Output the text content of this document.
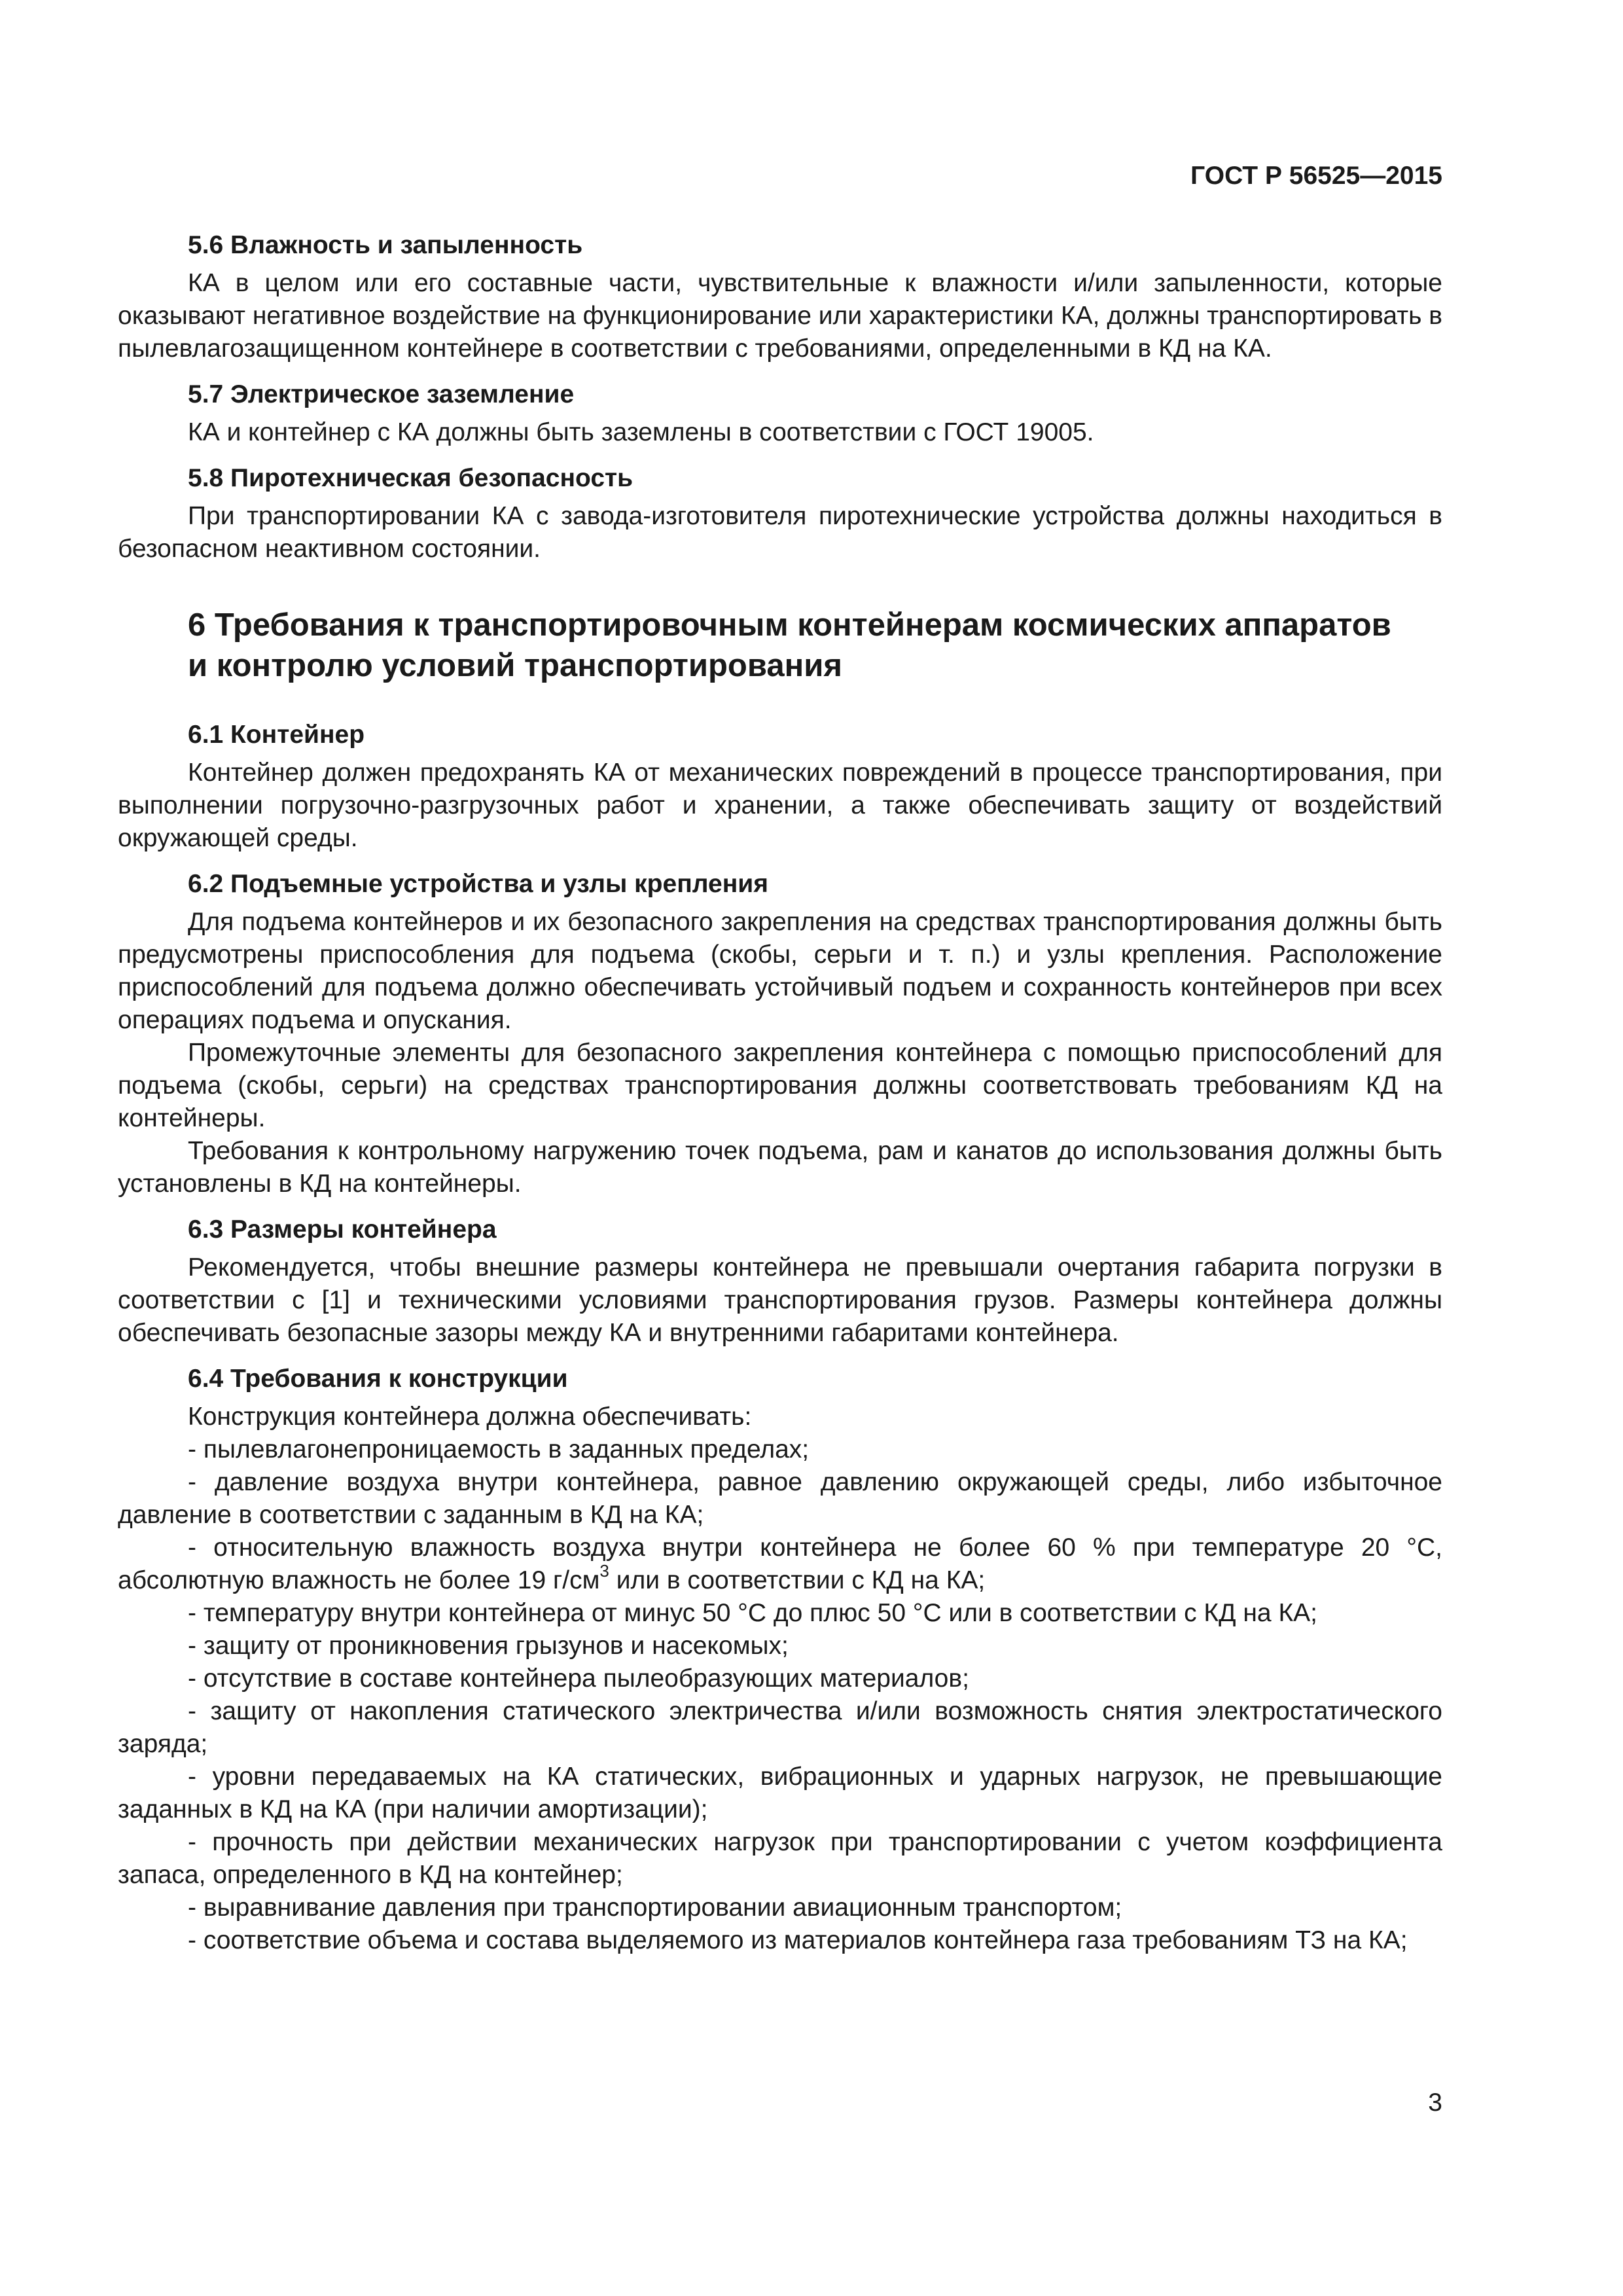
ГОСТ Р 56525—2015

5.6 Влажность и запыленность

КА в целом или его составные части, чувствительные к влажности и/или запыленности, которые оказывают негативное воздействие на функционирование или характеристики КА, должны транспортировать в пылевлагозащищенном контейнере в соответствии с требованиями, определенными в КД на КА.

5.7 Электрическое заземление

КА и контейнер с КА должны быть заземлены в соответствии с ГОСТ 19005.

5.8 Пиротехническая безопасность

При транспортировании КА с завода-изготовителя пиротехнические устройства должны находиться в безопасном неактивном состоянии.

6 Требования к транспортировочным контейнерам космических аппаратов
и контролю условий транспортирования
6.1 Контейнер

Контейнер должен предохранять КА от механических повреждений в процессе транспортирования, при выполнении погрузочно-разгрузочных работ и хранении, а также обеспечивать защиту от воздействий окружающей среды.

6.2 Подъемные устройства и узлы крепления

Для подъема контейнеров и их безопасного закрепления на средствах транспортирования должны быть предусмотрены приспособления для подъема (скобы, серьги и т. п.) и узлы крепления. Расположение приспособлений для подъема должно обеспечивать устойчивый подъем и сохранность контейнеров при всех операциях подъема и опускания.

Промежуточные элементы для безопасного закрепления контейнера с помощью приспособлений для подъема (скобы, серьги) на средствах транспортирования должны соответствовать требованиям КД на контейнеры.

Требования к контрольному нагружению точек подъема, рам и канатов до использования должны быть установлены в КД на контейнеры.

6.3 Размеры контейнера

Рекомендуется, чтобы внешние размеры контейнера не превышали очертания габарита погрузки в соответствии с [1] и техническими условиями транспортирования грузов. Размеры контейнера должны обеспечивать безопасные зазоры между КА и внутренними габаритами контейнера.

6.4 Требования к конструкции

Конструкция контейнера должна обеспечивать:

- пылевлагонепроницаемость в заданных пределах;

- давление воздуха внутри контейнера, равное давлению окружающей среды, либо избыточное давление в соответствии с заданным в КД на КА;

- относительную влажность воздуха внутри контейнера не более 60 % при температуре 20 °С, абсолютную влажность не более 19 $г/см^3$ или в соответствии с КД на КА;

- температуру внутри контейнера от минус 50 °С до плюс 50 °С или в соответствии с КД на КА;

- защиту от проникновения грызунов и насекомых;

- отсутствие в составе контейнера пылеобразующих материалов;

- защиту от накопления статического электричества и/или возможность снятия электростатического заряда;

- уровни передаваемых на КА статических, вибрационных и ударных нагрузок, не превышающие заданных в КД на КА (при наличии амортизации);

- прочность при действии механических нагрузок при транспортировании с учетом коэффициента запаса, определенного в КД на контейнер;

- выравнивание давления при транспортировании авиационным транспортом;

- соответствие объема и состава выделяемого из материалов контейнера газа требованиям ТЗ на КА;

3
